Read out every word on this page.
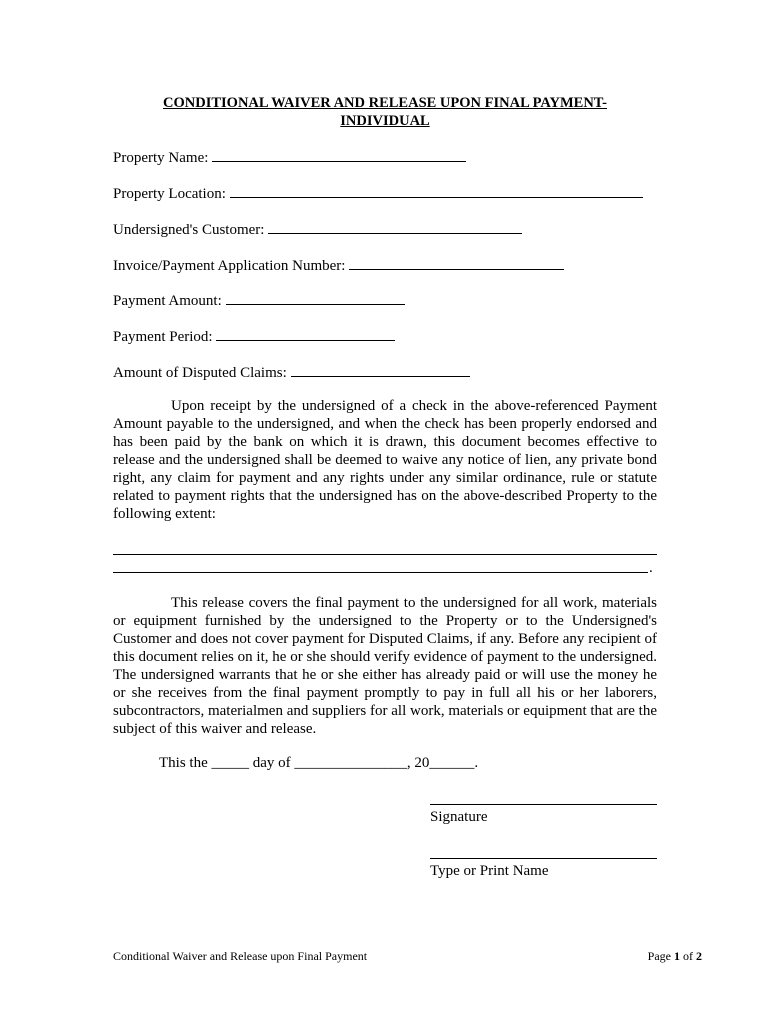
CONDITIONAL WAIVER AND RELEASE UPON FINAL PAYMENT-
INDIVIDUAL
Property Name:
Property Location:
Undersigned's Customer:
Invoice/Payment Application Number:
Payment Amount:
Payment Period:
Amount of Disputed Claims:
Upon receipt by the undersigned of a check in the above-referenced Payment Amount payable to the undersigned, and when the check has been properly endorsed and has been paid by the bank on which it is drawn, this document becomes effective to release and the undersigned shall be deemed to waive any notice of lien, any private bond right, any claim for payment and any rights under any similar ordinance, rule or statute related to payment rights that the undersigned has on the above-described Property to the following extent:
.
This release covers the final payment to the undersigned for all work, materials or equipment furnished by the undersigned to the Property or to the Undersigned's Customer and does not cover payment for Disputed Claims, if any. Before any recipient of this document relies on it, he or she should verify evidence of payment to the undersigned. The undersigned warrants that he or she either has already paid or will use the money he or she receives from the final payment promptly to pay in full all his or her laborers, subcontractors, materialmen and suppliers for all work, materials or equipment that are the subject of this waiver and release.
This the _____ day of _______________, 20______.
Signature
Type or Print Name
Conditional Waiver and Release upon Final Payment	Page 1 of 2
